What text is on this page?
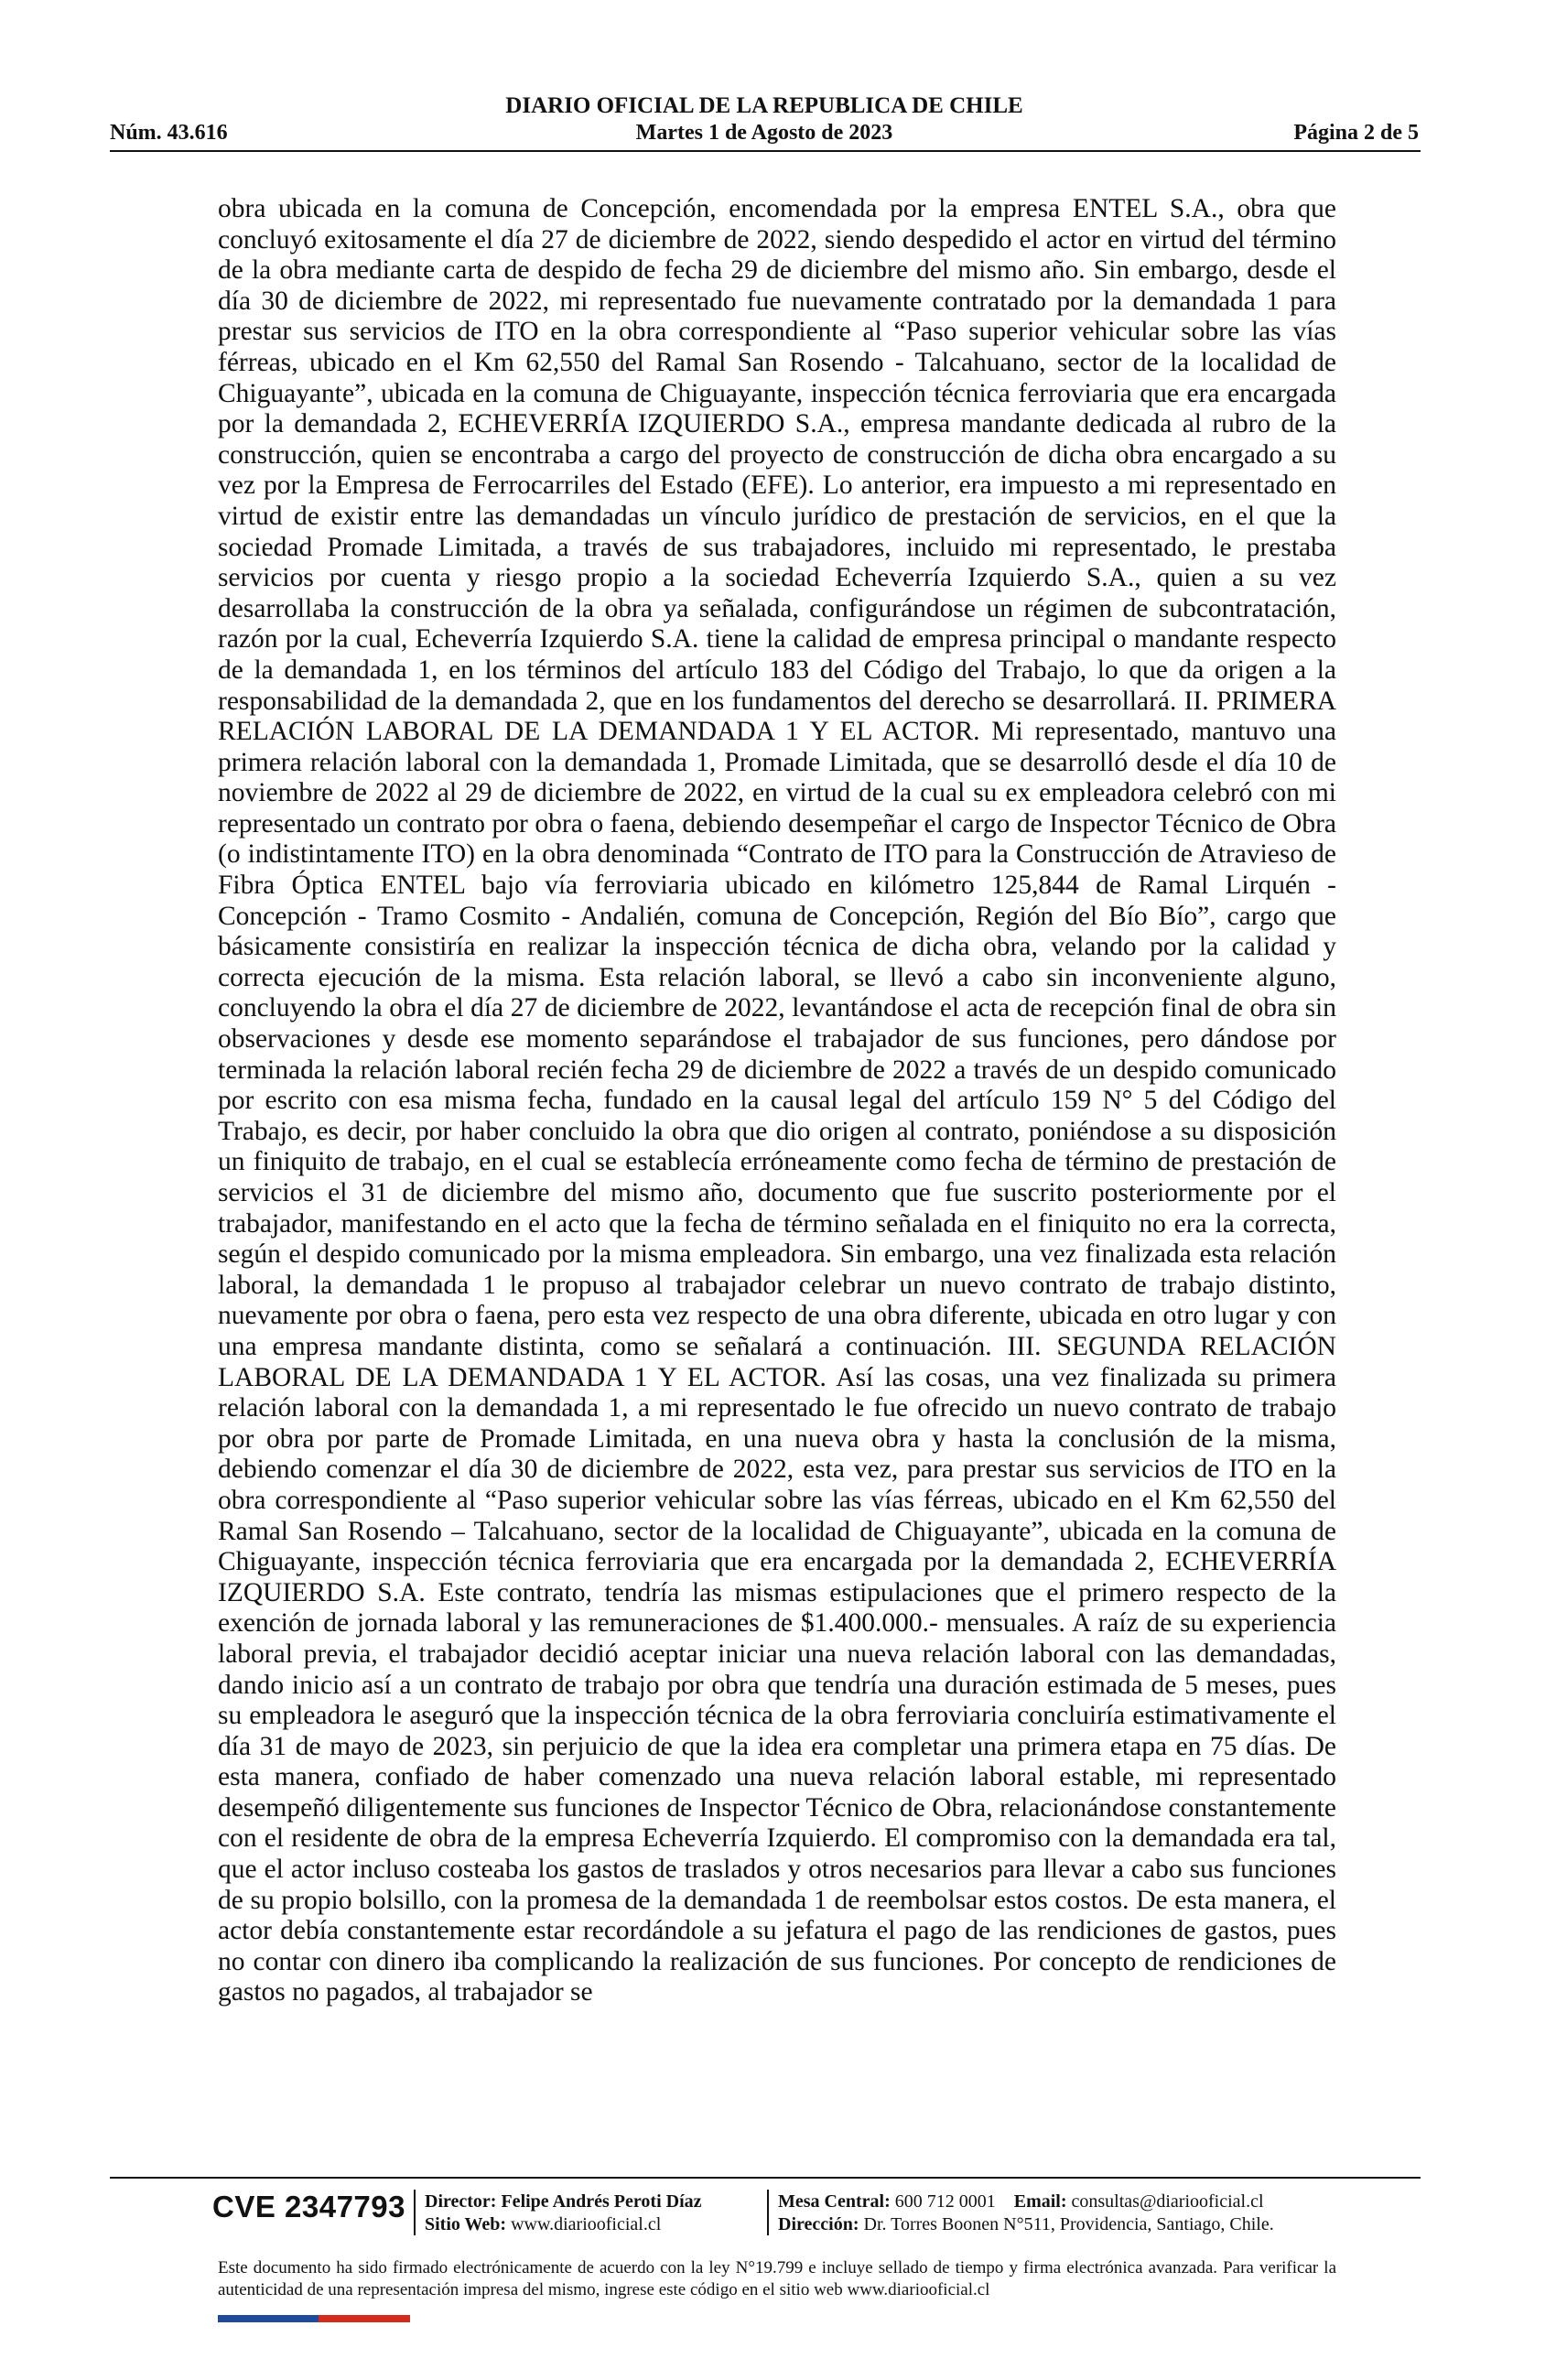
DIARIO OFICIAL DE LA REPUBLICA DE CHILE
Núm. 43.616	Martes 1 de Agosto de 2023	Página 2 de 5

obra ubicada en la comuna de Concepción, encomendada por la empresa ENTEL S.A., obra que concluyó exitosamente el día 27 de diciembre de 2022, siendo despedido el actor en virtud del término de la obra mediante carta de despido de fecha 29 de diciembre del mismo año. Sin embargo, desde el día 30 de diciembre de 2022, mi representado fue nuevamente contratado por la demandada 1 para prestar sus servicios de ITO en la obra correspondiente al “Paso superior vehicular sobre las vías férreas, ubicado en el Km 62,550 del Ramal San Rosendo - Talcahuano, sector de la localidad de Chiguayante”, ubicada en la comuna de Chiguayante, inspección técnica ferroviaria que era encargada por la demandada 2, ECHEVERRÍA IZQUIERDO S.A., empresa mandante dedicada al rubro de la construcción, quien se encontraba a cargo del proyecto de construcción de dicha obra encargado a su vez por la Empresa de Ferrocarriles del Estado (EFE). Lo anterior, era impuesto a mi representado en virtud de existir entre las demandadas un vínculo jurídico de prestación de servicios, en el que la sociedad Promade Limitada, a través de sus trabajadores, incluido mi representado, le prestaba servicios por cuenta y riesgo propio a la sociedad Echeverría Izquierdo S.A., quien a su vez desarrollaba la construcción de la obra ya señalada, configurándose un régimen de subcontratación, razón por la cual, Echeverría Izquierdo S.A. tiene la calidad de empresa principal o mandante respecto de la demandada 1, en los términos del artículo 183 del Código del Trabajo, lo que da origen a la responsabilidad de la demandada 2, que en los fundamentos del derecho se desarrollará. II. PRIMERA RELACIÓN LABORAL DE LA DEMANDADA 1 Y EL ACTOR. Mi representado, mantuvo una primera relación laboral con la demandada 1, Promade Limitada, que se desarrolló desde el día 10 de noviembre de 2022 al 29 de diciembre de 2022, en virtud de la cual su ex empleadora celebró con mi representado un contrato por obra o faena, debiendo desempeñar el cargo de Inspector Técnico de Obra (o indistintamente ITO) en la obra denominada “Contrato de ITO para la Construcción de Atravieso de Fibra Óptica ENTEL bajo vía ferroviaria ubicado en kilómetro 125,844 de Ramal Lirquén - Concepción - Tramo Cosmito - Andalién, comuna de Concepción, Región del Bío Bío”, cargo que básicamente consistiría en realizar la inspección técnica de dicha obra, velando por la calidad y correcta ejecución de la misma. Esta relación laboral, se llevó a cabo sin inconveniente alguno, concluyendo la obra el día 27 de diciembre de 2022, levantándose el acta de recepción final de obra sin observaciones y desde ese momento separándose el trabajador de sus funciones, pero dándose por terminada la relación laboral recién fecha 29 de diciembre de 2022 a través de un despido comunicado por escrito con esa misma fecha, fundado en la causal legal del artículo 159 N° 5 del Código del Trabajo, es decir, por haber concluido la obra que dio origen al contrato, poniéndose a su disposición un finiquito de trabajo, en el cual se establecía erróneamente como fecha de término de prestación de servicios el 31 de diciembre del mismo año, documento que fue suscrito posteriormente por el trabajador, manifestando en el acto que la fecha de término señalada en el finiquito no era la correcta, según el despido comunicado por la misma empleadora. Sin embargo, una vez finalizada esta relación laboral, la demandada 1 le propuso al trabajador celebrar un nuevo contrato de trabajo distinto, nuevamente por obra o faena, pero esta vez respecto de una obra diferente, ubicada en otro lugar y con una empresa mandante distinta, como se señalará a continuación. III. SEGUNDA RELACIÓN LABORAL DE LA DEMANDADA 1 Y EL ACTOR. Así las cosas, una vez finalizada su primera relación laboral con la demandada 1, a mi representado le fue ofrecido un nuevo contrato de trabajo por obra por parte de Promade Limitada, en una nueva obra y hasta la conclusión de la misma, debiendo comenzar el día 30 de diciembre de 2022, esta vez, para prestar sus servicios de ITO en la obra correspondiente al “Paso superior vehicular sobre las vías férreas, ubicado en el Km 62,550 del Ramal San Rosendo – Talcahuano, sector de la localidad de Chiguayante”, ubicada en la comuna de Chiguayante, inspección técnica ferroviaria que era encargada por la demandada 2, ECHEVERRÍA IZQUIERDO S.A. Este contrato, tendría las mismas estipulaciones que el primero respecto de la exención de jornada laboral y las remuneraciones de $1.400.000.- mensuales. A raíz de su experiencia laboral previa, el trabajador decidió aceptar iniciar una nueva relación laboral con las demandadas, dando inicio así a un contrato de trabajo por obra que tendría una duración estimada de 5 meses, pues su empleadora le aseguró que la inspección técnica de la obra ferroviaria concluiría estimativamente el día 31 de mayo de 2023, sin perjuicio de que la idea era completar una primera etapa en 75 días. De esta manera, confiado de haber comenzado una nueva relación laboral estable, mi representado desempeñó diligentemente sus funciones de Inspector Técnico de Obra, relacionándose constantemente con el residente de obra de la empresa Echeverría Izquierdo. El compromiso con la demandada era tal, que el actor incluso costeaba los gastos de traslados y otros necesarios para llevar a cabo sus funciones de su propio bolsillo, con la promesa de la demandada 1 de reembolsar estos costos. De esta manera, el actor debía constantemente estar recordándole a su jefatura el pago de las rendiciones de gastos, pues no contar con dinero iba complicando la realización de sus funciones. Por concepto de rendiciones de gastos no pagados, al trabajador se

CVE 2347793 Director: Felipe Andrés Peroti Díaz
Sitio Web: www.diariooficial.cl
Mesa Central: 600 712 0001 Email: consultas@diariooficial.cl
Dirección: Dr. Torres Boonen N°511, Providencia, Santiago, Chile.
Este documento ha sido firmado electrónicamente de acuerdo con la ley N°19.799 e incluye sellado de tiempo y firma electrónica avanzada. Para verificar la autenticidad de una representación impresa del mismo, ingrese este código en el sitio web www.diariooficial.cl
